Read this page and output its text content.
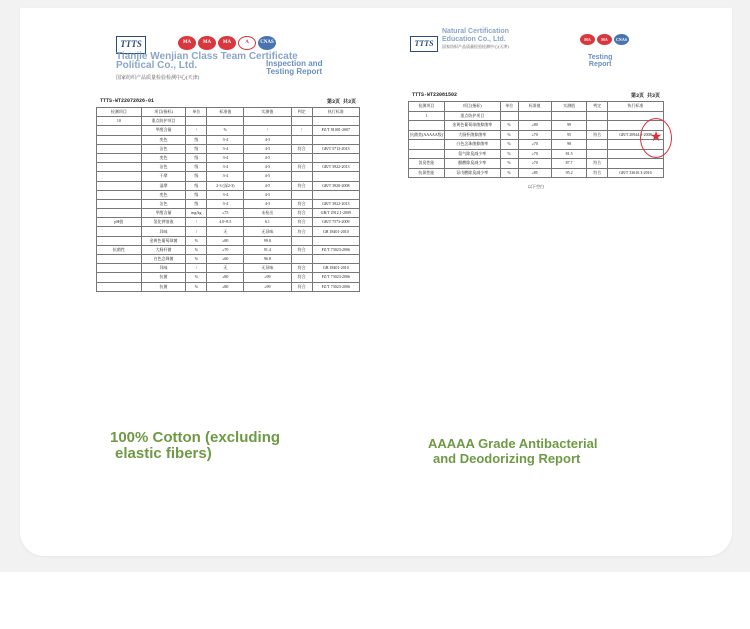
TTTS	MA	MA	MA	A	CNAS
Tianjie Wenjian Class Team Certificate
Political Co., Ltd.
国家纺织产品质量检验检测中心(天津)
Inspection and
Testing Report
TTTS-WT22072826-01	第3页 共3页
检测项目	项目(指标)	单位	标准值	实测值	判定	执行标准
10	重点防护项目					
	甲醛含量	/	%	/	/	FZ/T 81001-2007
	变色	级	3-4	4-5		
	沾色	级	3-4	4-5	符合	GB/T 5713-2013
	变色	级	3-4	4-5		
	沾色	级	3-4	4-5	符合	GB/T 3922-2013
	干摩	级	3-4	4-5		
	湿摩	级	2-3 (深2-3)	4-5	符合	GB/T 3920-2008
	变色	级	3-4	4-5		
	沾色	级	3-4	4-5	符合	GB/T 3922-2013
	甲醛含量	mg/kg	≤75	未检出	符合	GB/T 2912.1-2009
pH值	氢化钾溶液	/	4.0~8.5	6.1	符合	GB/T 7573-2009
	异味	/	无	无异味	符合	GB 18401-2010
	金黄色葡萄球菌	%	≥80	99.8		
抗菌性	大肠杆菌	%	≥70	91.4	符合	FZ/T 73023-2006
	白色念珠菌	%	≥60	96.8		
	异味	/	无	无异味	符合	GB 18401-2010
	抗菌	%	≥80	≥99	符合	FZ/T 73023-2006
	抗菌	%	≥80	≥99	符合	FZ/T 73023-2006
TTTS	MA	MA	CNAS
Natural Certification
Education Co., Ltd.
国家纺织产品质量检验检测中心(天津)
Testing
Report
TTTS-WT23081502	第3页 共3页
检测项目	项目(指标)	单位	标准值	实测值	判定	执行标准
1	重点防护项目					
	金黄色葡萄球菌抑菌率	%	≥80	99		
抗菌类(AAAAA级)	大肠杆菌抑菌率	%	≥70	95	符合	GB/T 20944.3-2008
	白色念珠菌抑菌率	%	≥70	98		
	氨气除臭减少率	%	≥70	81.5		
消臭性能	醋酸除臭减少率	%	≥70	87.7	符合	
抗氧性能	异戊酸除臭减少率	%	≥85	95.2	符合	GB/T 33610.3-2016
以下空白
★
100% Cotton (excluding
elastic fibers)
AAAAA Grade Antibacterial
and Deodorizing Report
